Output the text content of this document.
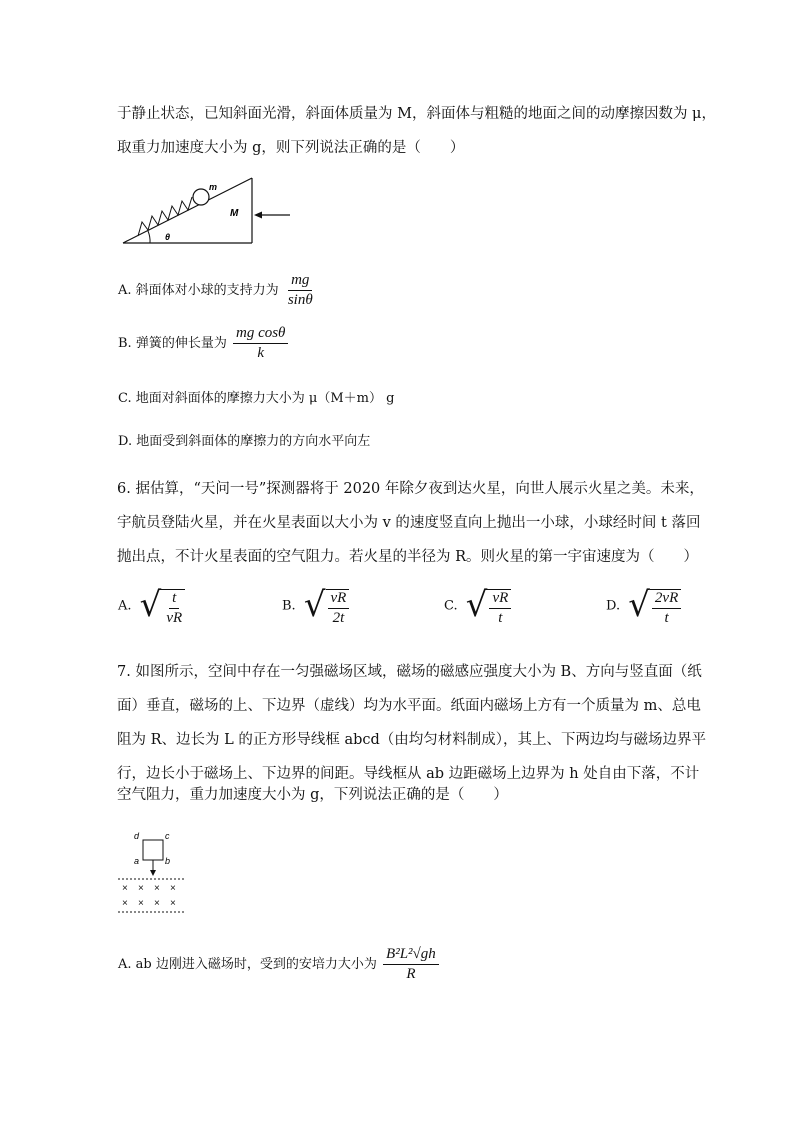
于静止状态，已知斜面光滑，斜面体质量为 M，斜面体与粗糙的地面之间的动摩擦因数为 μ，
取重力加速度大小为 g，则下列说法正确的是（　　）
m
M
θ
A. 斜面体对小球的支持力为 $\frac{mg}{\sin\theta}$
B. 弹簧的伸长量为 $\frac{\text{mg cosθ}}{k}$
C. 地面对斜面体的摩擦力大小为 μ（M＋m） g
D. 地面受到斜面体的摩擦力的方向水平向左
6. 据估算，“天问一号”探测器将于 2020 年除夕夜到达火星，向世人展示火星之美。未来，
宇航员登陆火星，并在火星表面以大小为 v 的速度竖直向上抛出一小球，小球经时间 t 落回
抛出点，不计火星表面的空气阻力。若火星的半径为 R。则火星的第一宇宙速度为（　　）
A. √ $\frac{t}{vR}$	B. √ $\frac{vR}{2t}$	C. √ $\frac{vR}{t}$	D. √ $\frac{2vR}{t}$
7. 如图所示，空间中存在一匀强磁场区域，磁场的磁感应强度大小为 B、方向与竖直面（纸
面）垂直，磁场的上、下边界（虚线）均为水平面。纸面内磁场上方有一个质量为 m、总电
阻为 R、边长为 L 的正方形导线框 abcd（由均匀材料制成），其上、下两边均与磁场边界平
行，边长小于磁场上、下边界的间距。导线框从 ab 边距磁场上边界为 h 处自由下落，不计
空气阻力，重力加速度大小为 g，下列说法正确的是（　　）
d	c
a	b
× × × ×
× × × ×
A. ab 边刚进入磁场时，受到的安培力大小为 $\frac{\text{B²L²√gh}}{R}$
